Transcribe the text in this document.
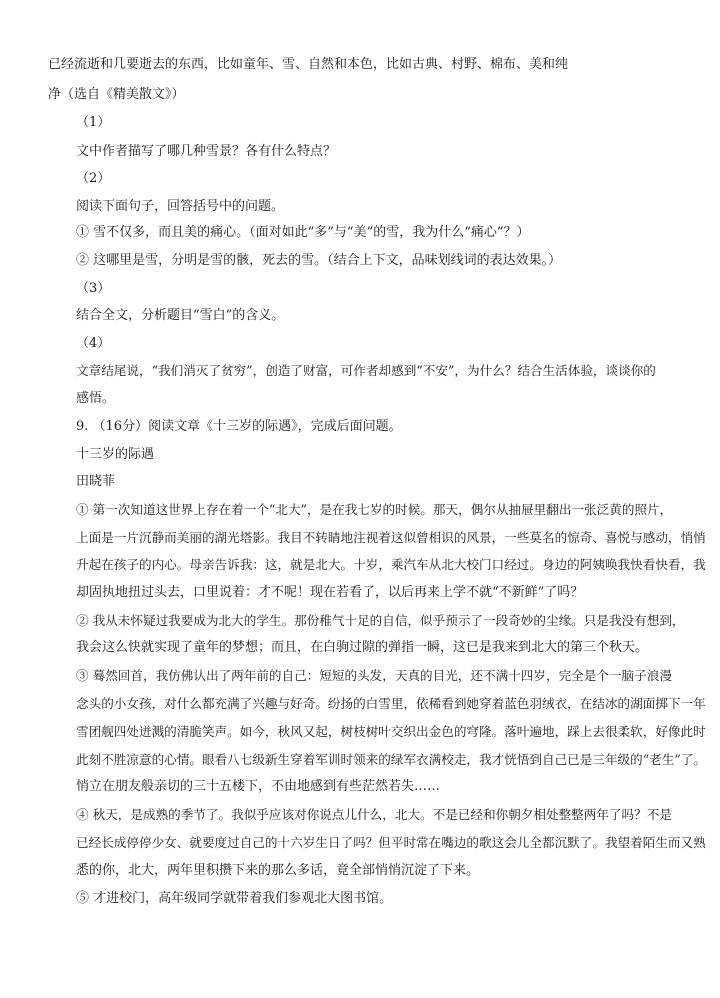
已经流逝和几要逝去的东西，比如童年、雪、自然和本色，比如古典、村野、棉布、美和纯
净（选自《精美散文》）
（1）
文中作者描写了哪几种雪景？各有什么特点？
（2）
阅读下面句子，回答括号中的问题。
① 雪不仅多，而且美的痛心。（面对如此“多”与“美”的雪，我为什么“痛心”？）
② 这哪里是雪，分明是雪的骸，死去的雪。（结合上下文，品味划线词的表达效果。）
（3）
结合全文，分析题目“雪白”的含义。
（4）
文章结尾说，“我们消灭了贫穷”，创造了财富，可作者却感到“不安”，为什么？结合生活体验，谈谈你的
感悟。
9. （16分）阅读文章《十三岁的际遇》，完成后面问题。
十三岁的际遇
田晓菲
① 第一次知道这世界上存在着一个“北大”，是在我七岁的时候。那天，偶尔从抽屉里翻出一张泛黄的照片，
上面是一片沉静而美丽的湖光塔影。我目不转睛地注视着这似曾相识的风景，一些莫名的惊奇、喜悦与感动，悄悄
升起在孩子的内心。母亲告诉我：这，就是北大。十岁，乘汽车从北大校门口经过。身边的阿姨唤我快看快看，我
却固执地扭过头去，口里说着：才不呢！现在若看了，以后再来上学不就“不新鲜”了吗？
② 我从未怀疑过我要成为北大的学生。那份稚气十足的自信，似乎预示了一段奇妙的尘缘。只是我没有想到，
我会这么快就实现了童年的梦想；而且，在白驹过隙的弹指一瞬，这已是我来到北大的第三个秋天。
③ 蓦然回首，我仿佛认出了两年前的自己：短短的头发，天真的目光，还不满十四岁，完全是个一脑子浪漫
念头的小女孩，对什么都充满了兴趣与好奇。纷扬的白雪里，依稀看到她穿着蓝色羽绒衣，在结冰的湖面掷下一年
雪团舰四处迸溅的清脆笑声。如今，秋风又起，树枝树叶交织出金色的穹隆。落叶遍地，踩上去很柔软，好像此时
此刻不胜凉意的心情。眼看八七级新生穿着军训时领来的绿军衣满校走，我才恍悟到自己已是三年级的“老生”了。
悄立在朋友般亲切的三十五楼下，不由地感到有些茫然若失……
④ 秋天，是成熟的季节了。我似乎应该对你说点儿什么，北大。不是已经和你朝夕相处整整两年了吗？不是
已经长成停停少女、就要度过自己的十六岁生日了吗？但平时常在嘴边的歌这会儿全都沉默了。我望着陌生而又熟
悉的你，北大，两年里积攒下来的那么多话，竟全部悄悄沉淀了下来。
⑤ 才进校门，高年级同学就带着我们参观北大图书馆。
